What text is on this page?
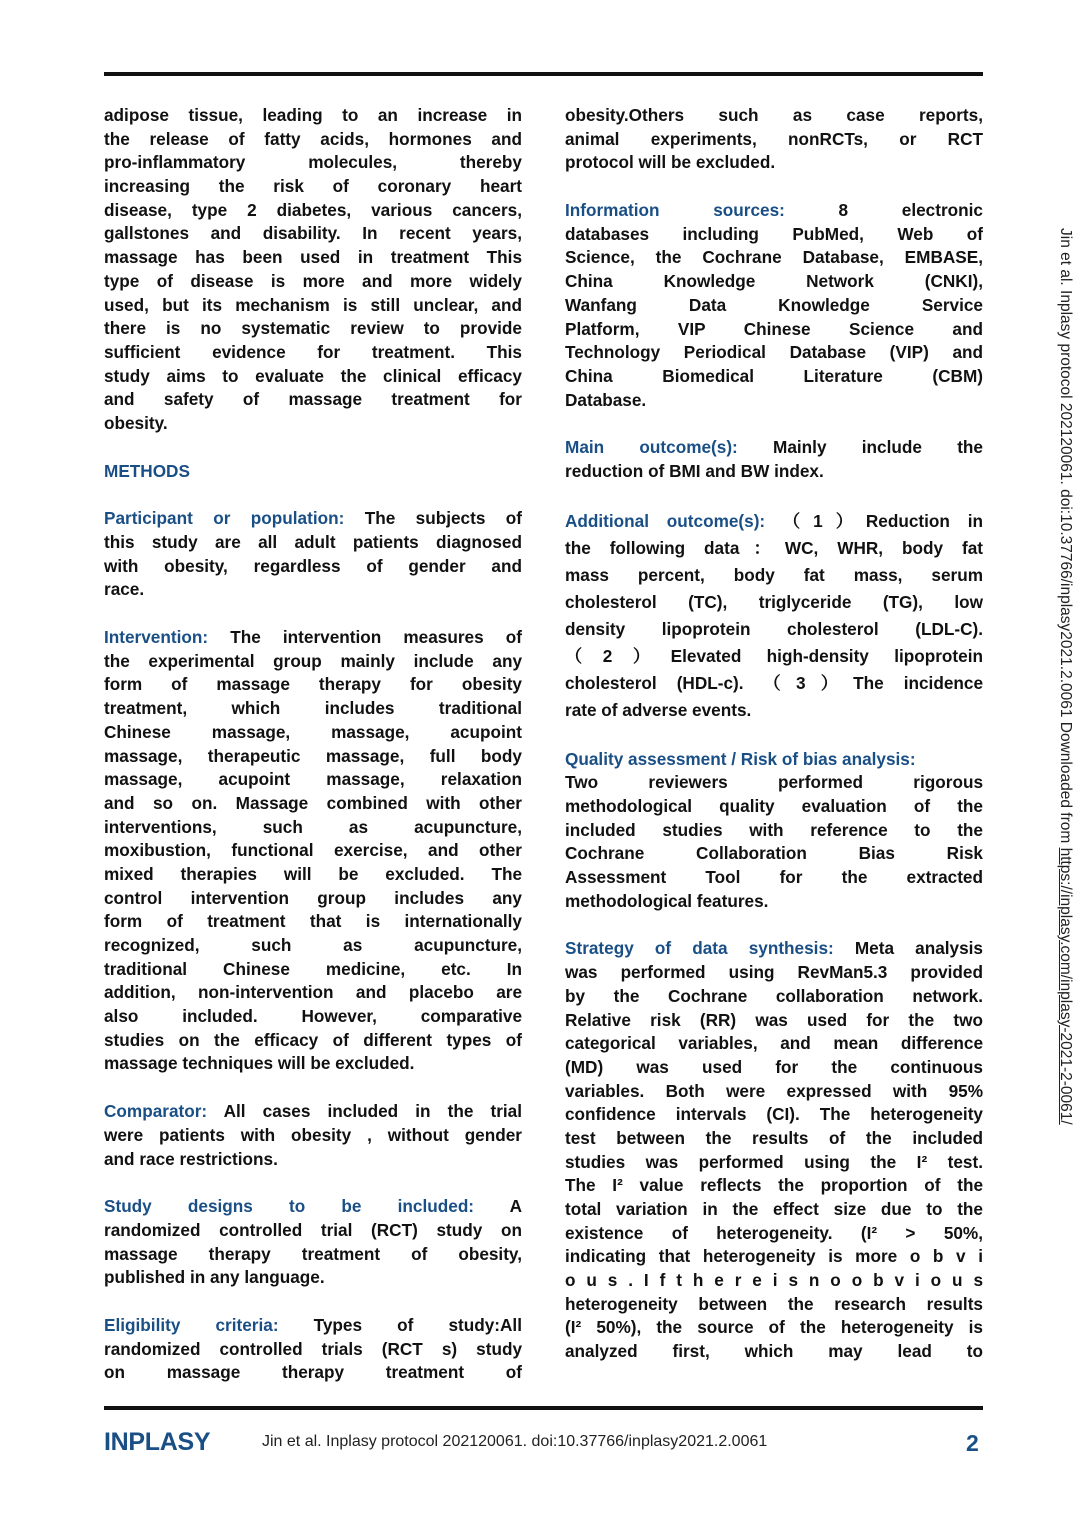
adipose tissue, leading to an increase in
the release of fatty acids, hormones and
pro-inflammatory molecules, thereby
increasing the risk of coronary heart
disease, type 2 diabetes, various cancers,
gallstones and disability. In recent years,
massage has been used in treatment This
type of disease is more and more widely
used, but its mechanism is still unclear, and
there is no systematic review to provide
sufficient evidence for treatment. This
study aims to evaluate the clinical efficacy
and safety of massage treatment for
obesity.
METHODS
Participant or population: The subjects of
this study are all adult patients diagnosed
with obesity, regardless of gender and
race.
Intervention: The intervention measures of
the experimental group mainly include any
form of massage therapy for obesity
treatment, which includes traditional
Chinese massage, massage, acupoint
massage, therapeutic massage, full body
massage, acupoint massage, relaxation
and so on. Massage combined with other
interventions, such as acupuncture,
moxibustion, functional exercise, and other
mixed therapies will be excluded. The
control intervention group includes any
form of treatment that is internationally
recognized, such as acupuncture,
traditional Chinese medicine, etc. In
addition, non-intervention and placebo are
also included. However, comparative
studies on the efficacy of different types of
massage techniques will be excluded.
Comparator: All cases included in the trial
were patients with obesity , without gender
and race restrictions.
Study designs to be included: A
randomized controlled trial (RCT) study on
massage therapy treatment of obesity,
published in any language.
Eligibility criteria: Types of study:All
randomized controlled trials (RCT s) study
on massage therapy treatment of
obesity.Others such as case reports,
animal experiments, nonRCTs, or RCT
protocol will be excluded.
Information sources: 8 electronic
databases including PubMed, Web of
Science, the Cochrane Database, EMBASE,
China Knowledge Network (CNKI),
Wanfang Data Knowledge Service
Platform, VIP Chinese Science and
Technology Periodical Database (VIP) and
China Biomedical Literature (CBM)
Database.
Main outcome(s): Mainly include the
reduction of BMI and BW index.
Additional outcome(s): （1）Reduction in
the following data：WC, WHR, body fat
mass percent, body fat mass, serum
cholesterol (TC), triglyceride (TG), low
density lipoprotein cholesterol (LDL-C).
（2）Elevated high-density lipoprotein
cholesterol (HDL-c). （3）The incidence
rate of adverse events.
Quality assessment / Risk of bias analysis:
Two reviewers performed rigorous
methodological quality evaluation of the
included studies with reference to the
Cochrane Collaboration Bias Risk
Assessment Tool for the extracted
methodological features.
Strategy of data synthesis: Meta analysis
was performed using RevMan5.3 provided
by the Cochrane collaboration network.
Relative risk (RR) was used for the two
categorical variables, and mean difference
(MD) was used for the continuous
variables. Both were expressed with 95%
confidence intervals (CI). The heterogeneity
test between the results of the included
studies was performed using the I² test.
The I² value reflects the proportion of the
total variation in the effect size due to the
existence of heterogeneity. (I² > 50%,
indicating that heterogeneity is more o b v i
o u s . I f t h e r e i s n o o b v i o u s
heterogeneity between the research results
(I² 50%), the source of the heterogeneity is
analyzed first, which may lead to
Jin et al. Inplasy protocol 202120061. doi:10.37766/inplasy2021.2.0061 Downloaded from https://inplasy.com/inplasy-2021-2-0061/
INPLASY	Jin et al. Inplasy protocol 202120061. doi:10.37766/inplasy2021.2.0061	2
